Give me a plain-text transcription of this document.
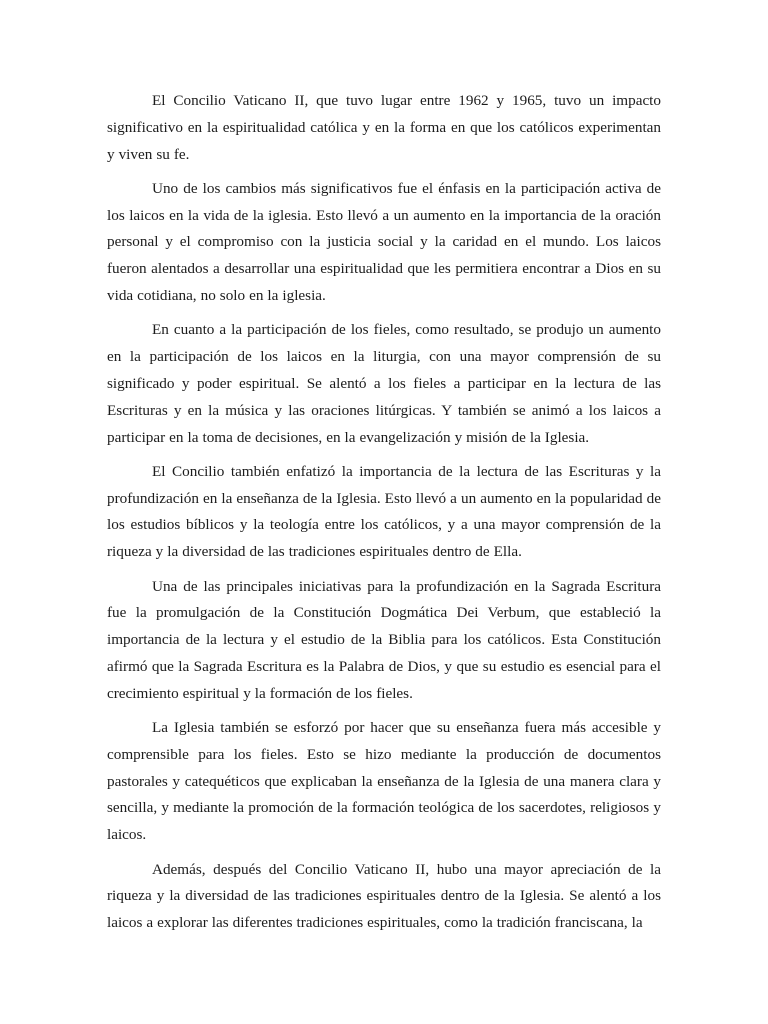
El Concilio Vaticano II, que tuvo lugar entre 1962 y 1965, tuvo un impacto significativo en la espiritualidad católica y en la forma en que los católicos experimentan y viven su fe.

Uno de los cambios más significativos fue el énfasis en la participación activa de los laicos en la vida de la iglesia. Esto llevó a un aumento en la importancia de la oración personal y el compromiso con la justicia social y la caridad en el mundo. Los laicos fueron alentados a desarrollar una espiritualidad que les permitiera encontrar a Dios en su vida cotidiana, no solo en la iglesia.

En cuanto a la participación de los fieles, como resultado, se produjo un aumento en la participación de los laicos en la liturgia, con una mayor comprensión de su significado y poder espiritual. Se alentó a los fieles a participar en la lectura de las Escrituras y en la música y las oraciones litúrgicas. Y también se animó a los laicos a participar en la toma de decisiones, en la evangelización y misión de la Iglesia.

El Concilio también enfatizó la importancia de la lectura de las Escrituras y la profundización en la enseñanza de la Iglesia. Esto llevó a un aumento en la popularidad de los estudios bíblicos y la teología entre los católicos, y a una mayor comprensión de la riqueza y la diversidad de las tradiciones espirituales dentro de Ella.

Una de las principales iniciativas para la profundización en la Sagrada Escritura fue la promulgación de la Constitución Dogmática Dei Verbum, que estableció la importancia de la lectura y el estudio de la Biblia para los católicos. Esta Constitución afirmó que la Sagrada Escritura es la Palabra de Dios, y que su estudio es esencial para el crecimiento espiritual y la formación de los fieles.

La Iglesia también se esforzó por hacer que su enseñanza fuera más accesible y comprensible para los fieles. Esto se hizo mediante la producción de documentos pastorales y catequéticos que explicaban la enseñanza de la Iglesia de una manera clara y sencilla, y mediante la promoción de la formación teológica de los sacerdotes, religiosos y laicos.

Además, después del Concilio Vaticano II, hubo una mayor apreciación de la riqueza y la diversidad de las tradiciones espirituales dentro de la Iglesia. Se alentó a los laicos a explorar las diferentes tradiciones espirituales, como la tradición franciscana, la
